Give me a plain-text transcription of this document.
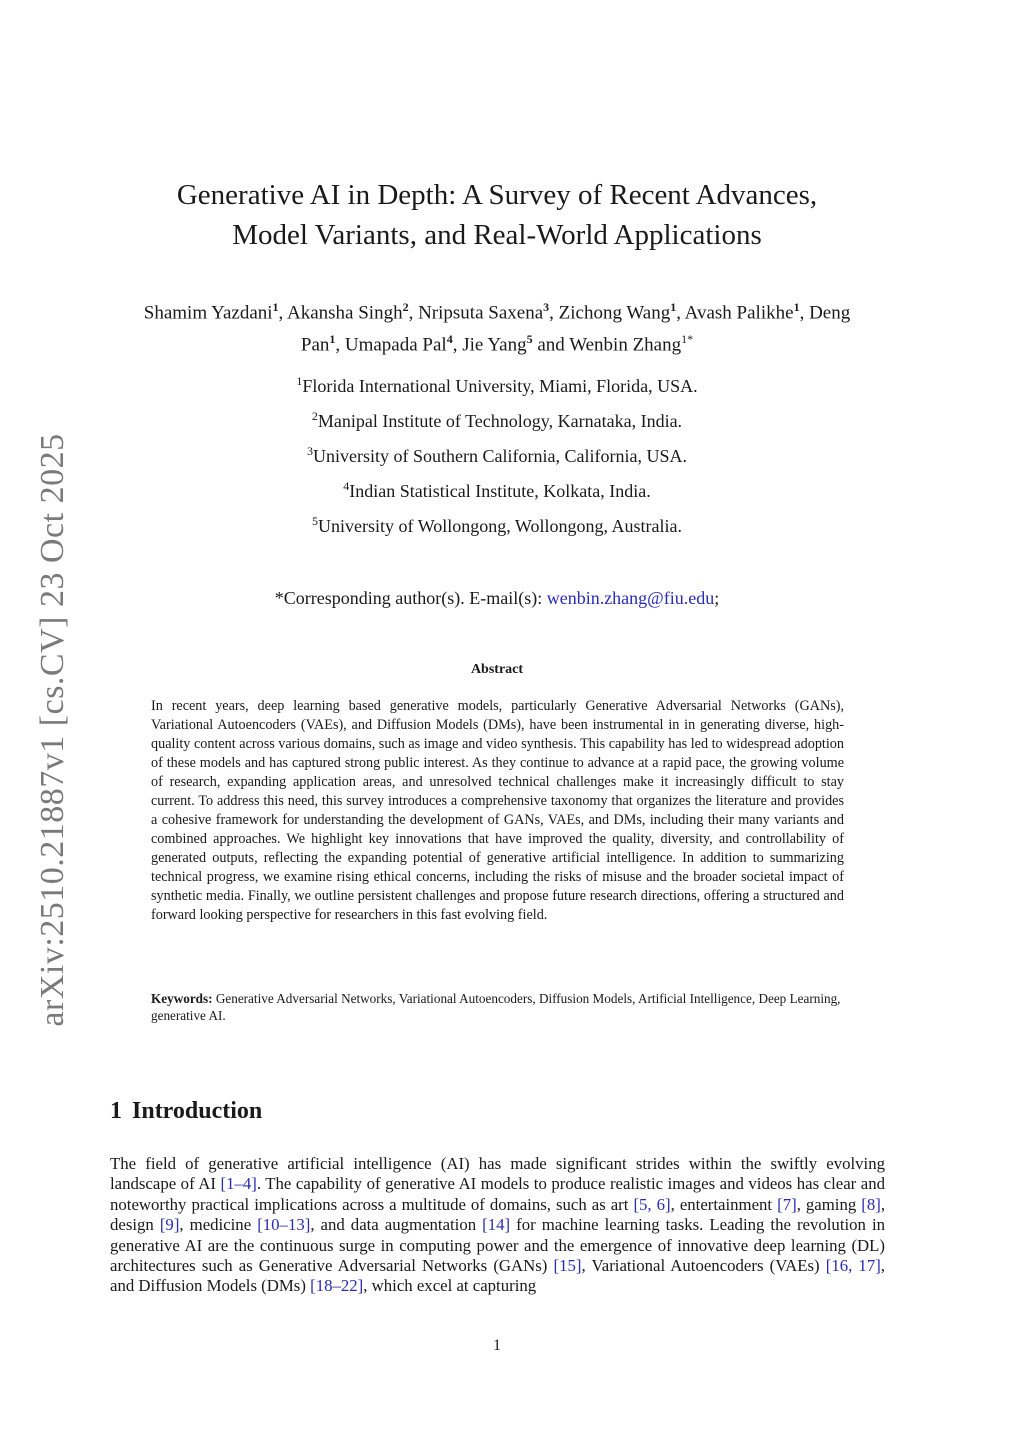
arXiv:2510.21887v1 [cs.CV] 23 Oct 2025
Generative AI in Depth: A Survey of Recent Advances,
Model Variants, and Real-World Applications
Shamim Yazdani$^1$, Akansha Singh$^2$, Nripsuta Saxena$^3$, Zichong Wang$^1$, Avash Palikhe$^1$, Deng Pan$^1$, Umapada Pal$^4$, Jie Yang$^5$ and Wenbin Zhang$^{1*}$
$^1$Florida International University, Miami, Florida, USA.
$^2$Manipal Institute of Technology, Karnataka, India.
$^3$University of Southern California, California, USA.
$^4$Indian Statistical Institute, Kolkata, India.
$^5$University of Wollongong, Wollongong, Australia.
*Corresponding author(s). E-mail(s): wenbin.zhang@fiu.edu;
Abstract

In recent years, deep learning based generative models, particularly Generative Adversarial Networks (GANs), Variational Autoencoders (VAEs), and Diffusion Models (DMs), have been instrumental in in generating diverse, high-quality content across various domains, such as image and video synthesis. This capability has led to widespread adoption of these models and has captured strong public interest. As they continue to advance at a rapid pace, the growing volume of research, expanding application areas, and unresolved technical challenges make it increasingly difficult to stay current. To address this need, this survey introduces a comprehensive taxonomy that organizes the literature and provides a cohesive framework for understanding the development of GANs, VAEs, and DMs, including their many variants and combined approaches. We highlight key innovations that have improved the quality, diversity, and controllability of generated outputs, reflecting the expanding potential of generative artificial intelligence. In addition to summarizing technical progress, we examine rising ethical concerns, including the risks of misuse and the broader societal impact of synthetic media. Finally, we outline persistent challenges and propose future research directions, offering a structured and forward looking perspective for researchers in this fast evolving field.

Keywords: Generative Adversarial Networks, Variational Autoencoders, Diffusion Models, Artificial Intelligence, Deep Learning, generative AI.

1 Introduction

The field of generative artificial intelligence (AI) has made significant strides within the swiftly evolving landscape of AI [1–4]. The capability of generative AI models to produce realistic images and videos has clear and noteworthy practical implications across a multitude of domains, such as art [5, 6], entertainment [7], gaming [8], design [9], medicine [10–13], and data augmentation [14] for machine learning tasks. Leading the revolution in generative AI are the continuous surge in computing power and the emergence of innovative deep learning (DL) architectures such as Generative Adversarial Networks (GANs) [15], Variational Autoencoders (VAEs) [16, 17], and Diffusion Models (DMs) [18–22], which excel at capturing

1
